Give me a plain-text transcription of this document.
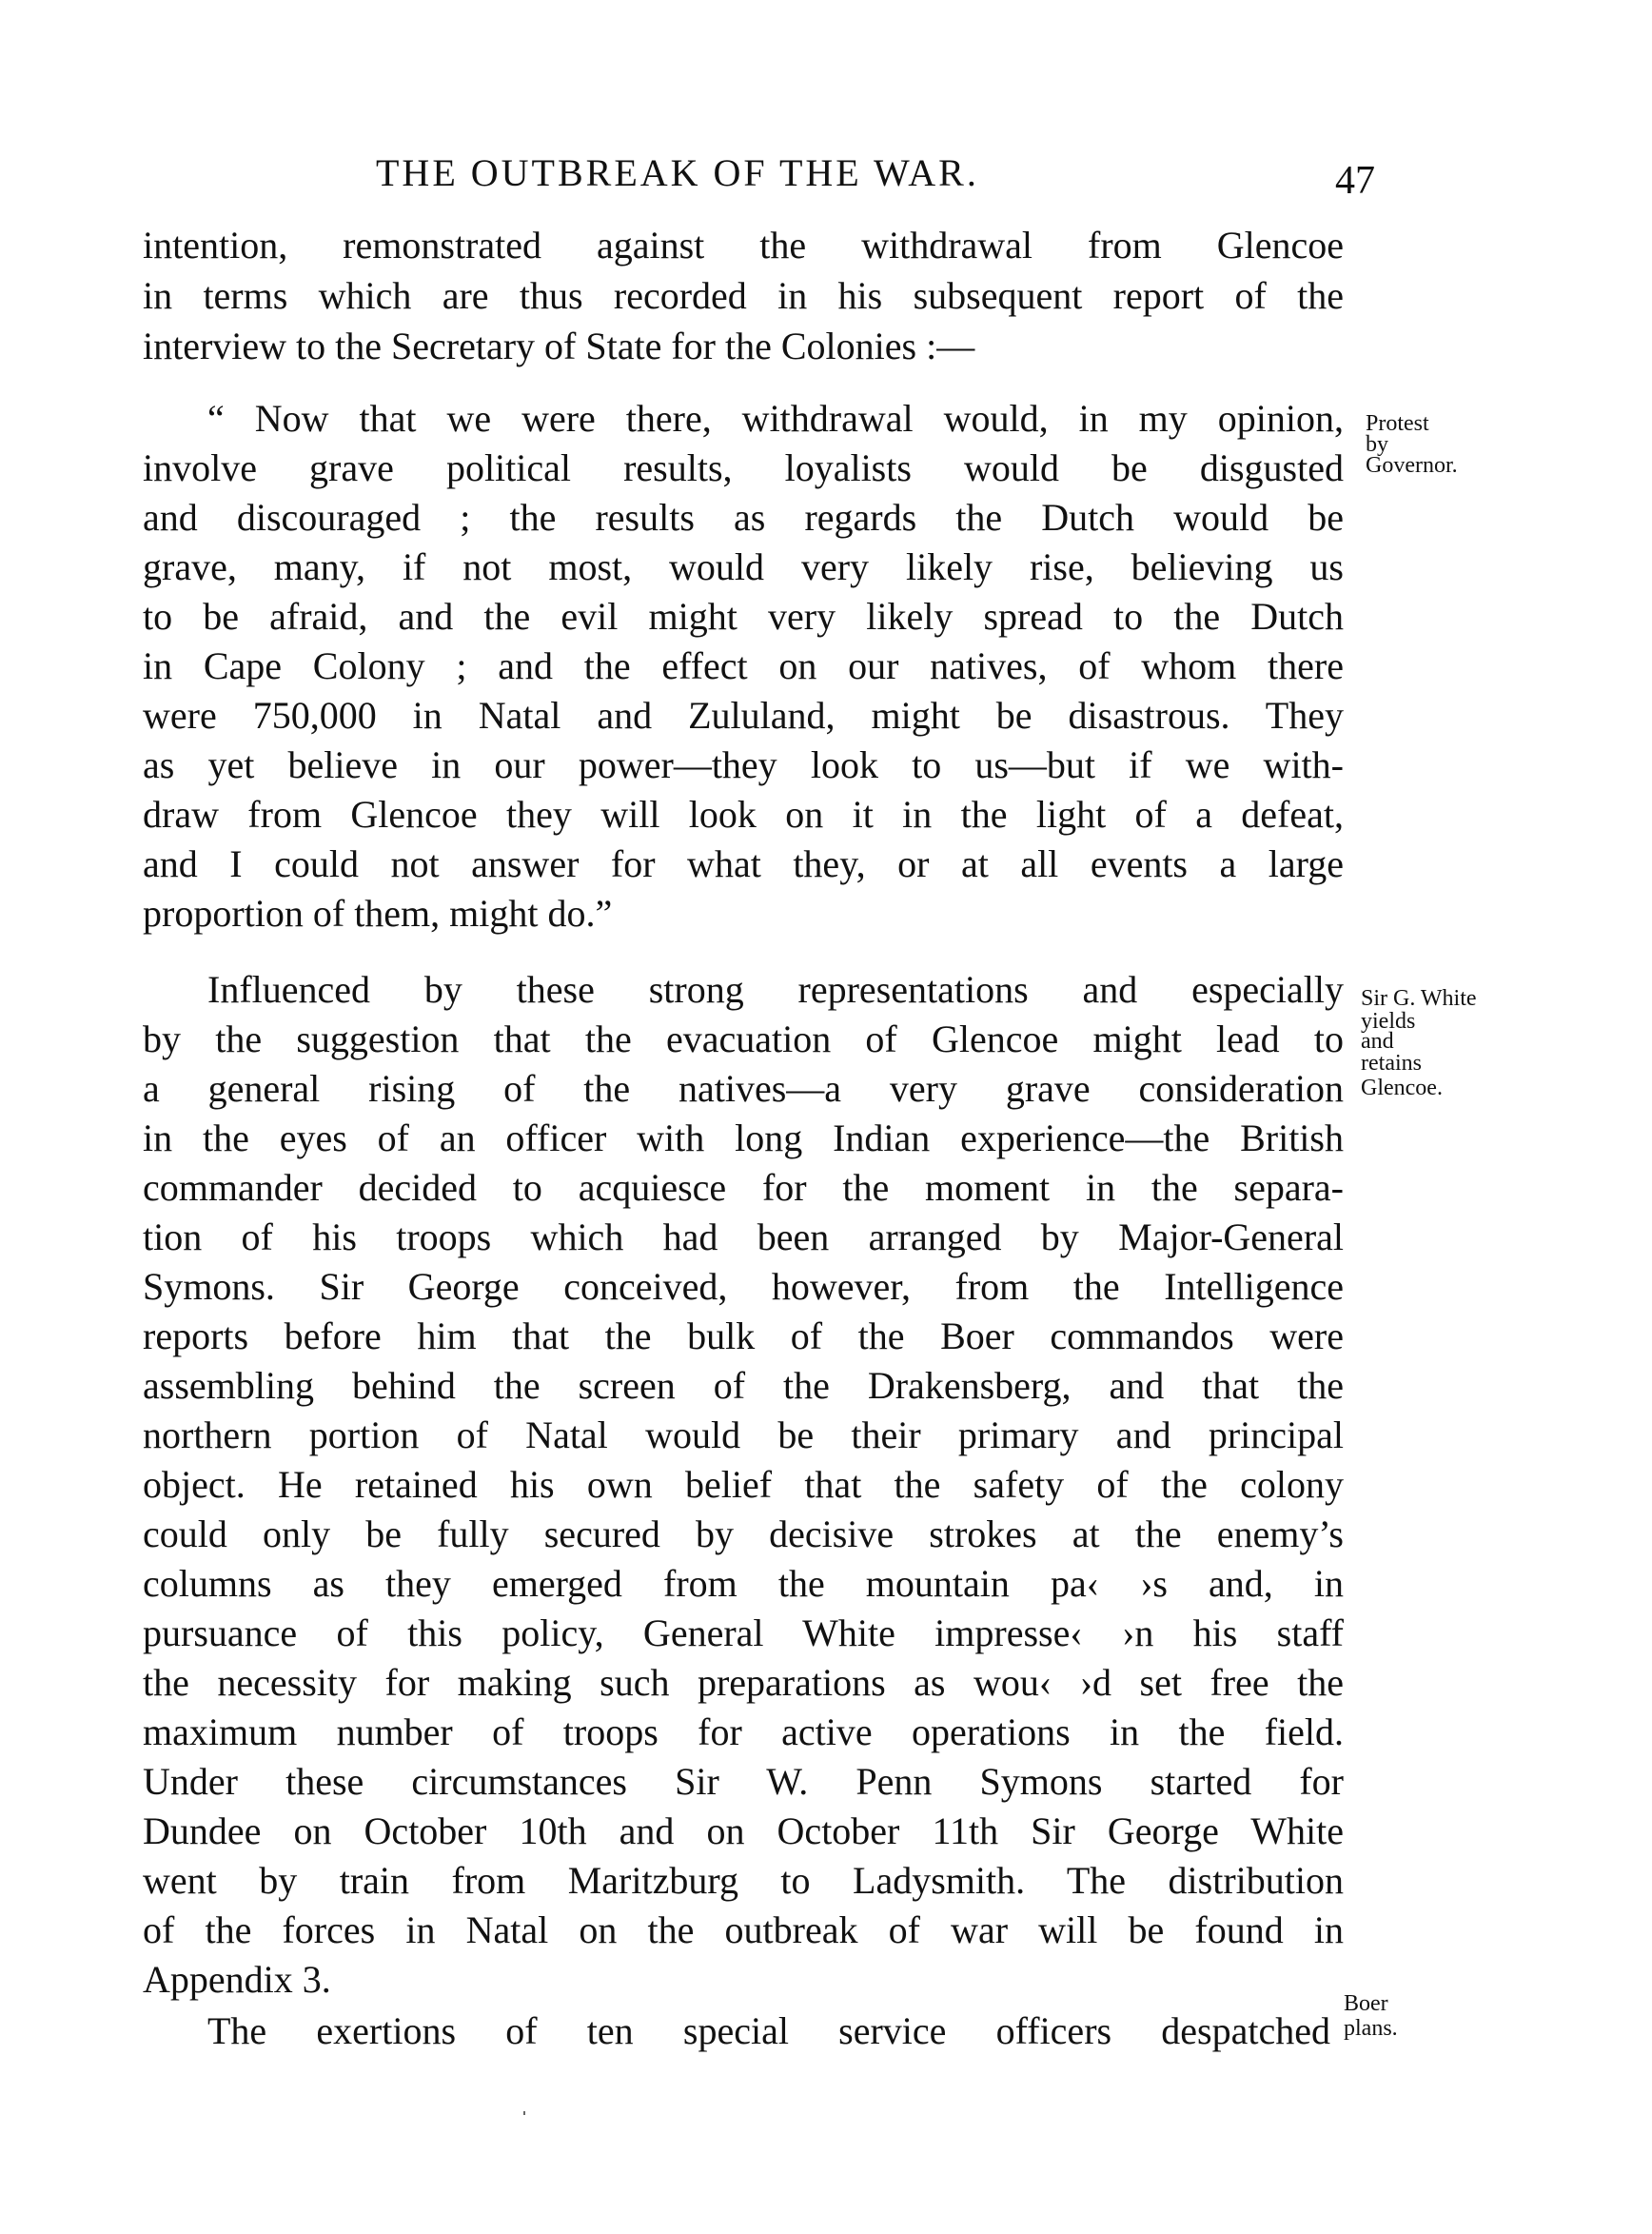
THE OUTBREAK OF THE WAR.	47
intention, remonstrated against the withdrawal from Glencoe
in terms which are thus recorded in his subsequent report of the
interview to the Secretary of State for the Colonies :—
“ Now that we were there, withdrawal would, in my opinion,
involve grave political results, loyalists would be disgusted
and discouraged ; the results as regards the Dutch would be
grave, many, if not most, would very likely rise, believing us
to be afraid, and the evil might very likely spread to the Dutch
in Cape Colony ; and the effect on our natives, of whom there
were 750,000 in Natal and Zululand, might be disastrous. They
as yet believe in our power—they look to us—but if we with-
draw from Glencoe they will look on it in the light of a defeat,
and I could not answer for what they, or at all events a large
proportion of them, might do.”
Influenced by these strong representations and especially
by the suggestion that the evacuation of Glencoe might lead to
a general rising of the natives—a very grave consideration
in the eyes of an officer with long Indian experience—the British
commander decided to acquiesce for the moment in the separa-
tion of his troops which had been arranged by Major-General
Symons. Sir George conceived, however, from the Intelligence
reports before him that the bulk of the Boer commandos were
assembling behind the screen of the Drakensberg, and that the
northern portion of Natal would be their primary and principal
object. He retained his own belief that the safety of the colony
could only be fully secured by decisive strokes at the enemy’s
columns as they emerged from the mountain pa‹ ›s and, in
pursuance of this policy, General White impresse‹ ›n his staff
the necessity for making such preparations as wou‹ ›d set free the
maximum number of troops for active operations in the field.
Under these circumstances Sir W. Penn Symons started for
Dundee on October 10th and on October 11th Sir George White
went by train from Maritzburg to Ladysmith. The distribution
of the forces in Natal on the outbreak of war will be found in
Appendix 3.
The exertions of ten special service officers despatched
Protest
by
Governor.
Sir G. White
yields
and
retains
Glencoe.
Boer
plans.
